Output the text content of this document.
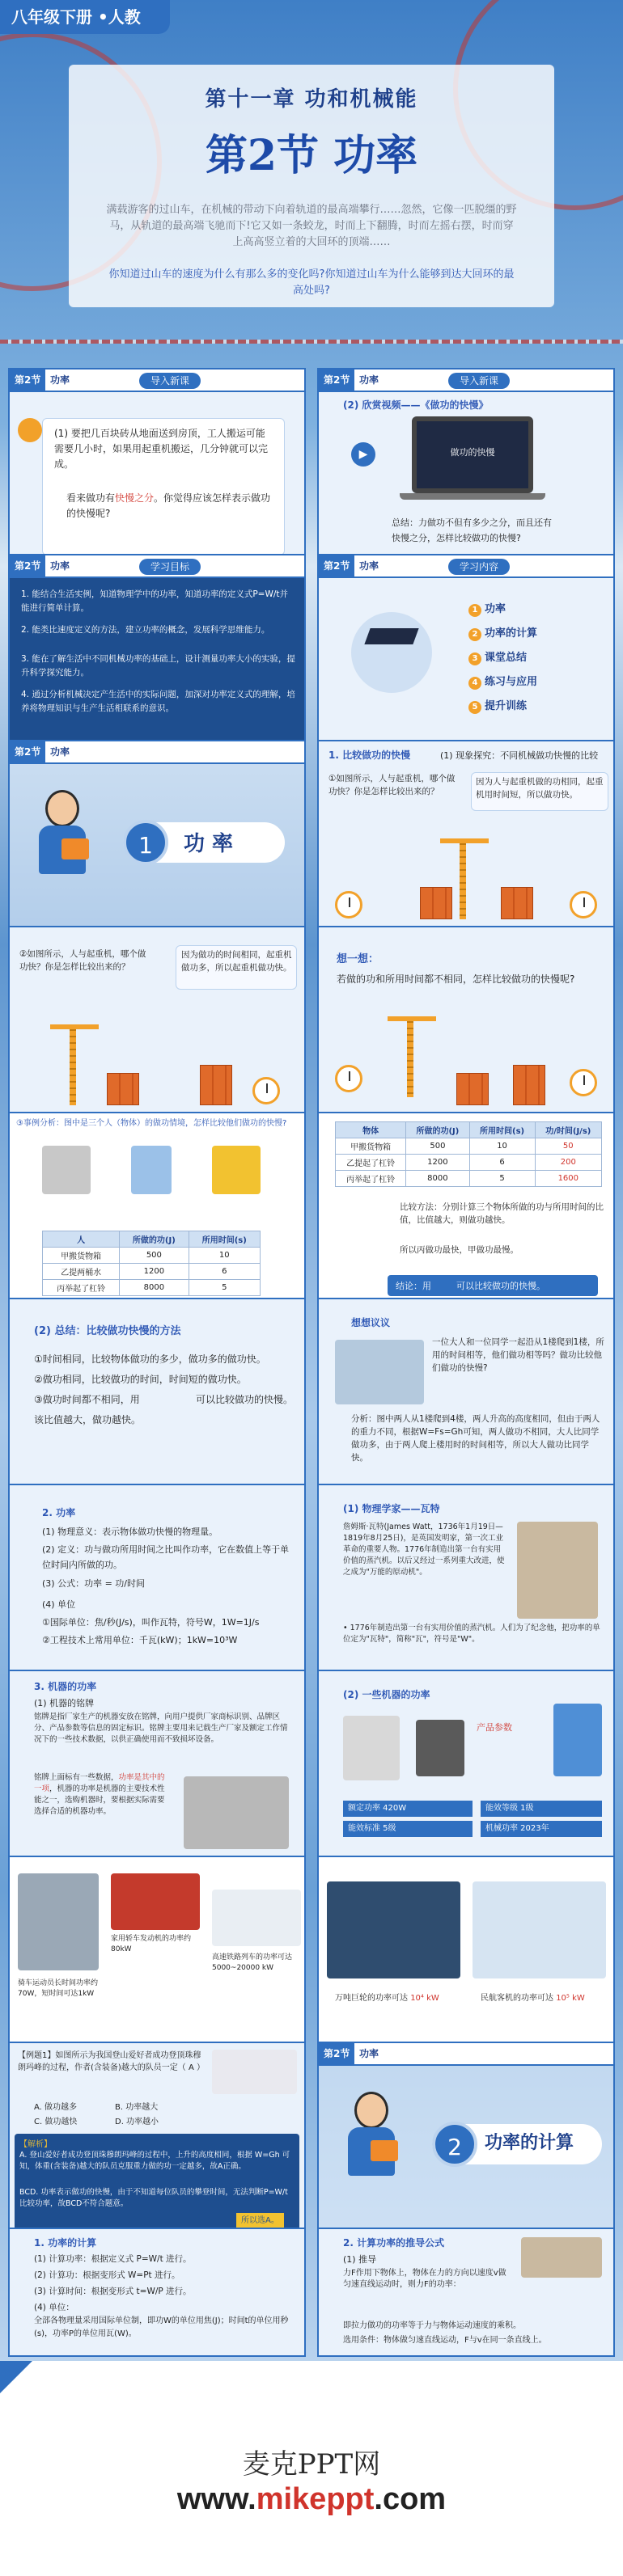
八年级下册 •人教
第十一章 功和机械能
第2节 功率
满载游客的过山车，在机械的带动下向着轨道的最高端攀行……忽然，它像一匹脱缰的野马，从轨道的最高端飞驰而下!它又如一条蛟龙，时而上下翻腾，时而左摇右摆，时而穿上高高竖立着的大回环的顶端……
你知道过山车的速度为什么有那么多的变化吗?你知道过山车为什么能够到达大回环的最高处吗?
第2节 功率	导入新课
(1) 要把几百块砖从地面送到房顶，工人搬运可能需要几小时，如果用起重机搬运，几分钟就可以完成。
看来做功有快慢之分。你觉得应该怎样表示做功的快慢呢?
第2节 功率	导入新课
(2) 欣赏视频——《做功的快慢》
做功的快慢
▶
总结：力做功不但有多少之分，而且还有快慢之分，怎样比较做功的快慢?
第2节 功率	学习目标
1. 能结合生活实例，知道物理学中的功率，知道功率的定义式P=W/t并能进行简单计算。
2. 能类比速度定义的方法，建立功率的概念，发展科学思维能力。
3. 能在了解生活中不同机械功率的基础上，设计测量功率大小的实验，提升科学探究能力。
4. 通过分析机械决定产生活中的实际问题，加深对功率定义式的理解，培养将物理知识与生产生活相联系的意识。
第2节 功率	学习内容
1 功率
2 功率的计算
3 课堂总结
4 练习与应用
5 提升训练
第2节 功率
1	功 率
1. 比较做功的快慢	(1) 现象探究：不同机械做功快慢的比较
①如图所示，人与起重机，哪个做功快？你是怎样比较出来的？
因为人与起重机做的功相同，起重机用时间短，所以做功快。
②如图所示，人与起重机，哪个做功快？你是怎样比较出来的？
因为做功的时间相同，起重机做功多，所以起重机做功快。
想一想：
若做的功和所用时间都不相同，怎样比较做功的快慢呢?
③事例分析：图中是三个人（物体）的做功情境，怎样比较他们做功的快慢?
人	所做的功(J)	所用时间(s)
甲搬货物箱	500	10
乙提两桶水	1200	6
丙举起了杠铃	8000	5
物体	所做的功(J)	所用时间(s)	功/时间(J/s)
甲搬货物箱	500	10	50
乙提起了杠铃	1200	6	200
丙举起了杠铃	8000	5	1600
比较方法：分别计算三个物体所做的功与所用时间的比值，比值越大，则做功越快。
所以丙做功最快，甲做功最慢。
结论：用	可以比较做功的快慢。
(2) 总结：比较做功快慢的方法
①时间相同，比较物体做功的多少，做功多的做功快。
②做功相同，比较做功的时间，时间短的做功快。
③做功时间都不相同，用	可以比较做功的快慢。
该比值越大，做功越快。
想想议议
一位大人和一位同学一起沿从1楼爬到1楼，所用的时间相等，他们做功相等吗？做功比较他们做功的快慢?
分析：图中两人从1楼爬到4楼，两人升高的高度相同，但由于两人的重力不同，根据W=Fs=Gh可知，两人做功不相同，大人比同学做功多，由于两人爬上楼用时的时间相等，所以大人做功比同学快。
2. 功率
(1) 物理意义：表示物体做功快慢的物理量。
(2) 定义：功与做功所用时间之比叫作功率，它在数值上等于单位时间内所做的功。
(3) 公式：功率 = 功/时间
(4) 单位
①国际单位：焦/秒(J/s)，叫作瓦特，符号W，1W=1J/s
②工程技术上常用单位：千瓦(kW)；1kW=10³W
(1) 物理学家——瓦特
詹姆斯·瓦特(James Watt，1736年1月19日—1819年8月25日)，是英国发明家，第一次工业革命的重要人物。1776年制造出第一台有实用价值的蒸汽机。以后又经过一系列重大改进，使之成为"万能的原动机"。
• 1776年制造出第一台有实用价值的蒸汽机。人们为了纪念他，把功率的单位定为"瓦特"，简称"瓦"，符号是"W"。
3. 机器的功率
(1) 机器的铭牌
铭牌是指厂家生产的机器安放在铭牌，向用户提供厂家商标识别、品牌区分、产品参数等信息的固定标识。铭牌主要用来记载生产厂家及额定工作情况下的一些技术数据，以供正确使用而不致损坏设备。
铭牌上面标有一些数据，功率是其中的一项，机器的功率是机器的主要技术性能之一，选购机器时，要根据实际需要选择合适的机器功率。
(2) 一些机器的功率
产品参数
额定功率 420W
能效标准 5级
能效等级 1级
机械功率 2023年
骑车运动员长时间功率约70W，短时间可达1kW
家用轿车发动机的功率约80kW
高速铁路列车的功率可达5000~20000 kW
万吨巨轮的功率可达 10⁴ kW	民航客机的功率可达 10⁵ kW
【例题1】如图所示为我国登山爱好者成功登顶珠穆朗玛峰的过程，作者(含装备)越大的队员一定（ A ）
A. 做功越多	B. 功率越大
C. 做功越快	D. 功率越小
【解析】
A. 登山爱好者成功登顶珠穆朗玛峰的过程中，上升的高度相同，根据 W=Gh 可知，体重(含装备)越大的队员克服重力做的功一定越多，故A正确。
BCD. 功率表示做功的快慢，由于不知道每位队员的攀登时间，无法判断P=W/t比较功率，故BCD不符合题意。
所以选A。
第2节 功率
2	功率的计算
1. 功率的计算
(1) 计算功率：根据定义式 P=W/t 进行。
(2) 计算功：根据变形式 W=Pt 进行。
(3) 计算时间：根据变形式 t=W/P 进行。
(4) 单位：
全部各物理量采用国际单位制，即功W的单位用焦(J)；时间t的单位用秒(s)，功率P的单位用瓦(W)。
2. 计算功率的推导公式
(1) 推导
力F作用下物体上，物体在力的方向以速度v做匀速直线运动时，则力F的功率：
即拉力做功的功率等于力与物体运动速度的乘积。
选用条件：物体做匀速直线运动，F与v在同一条直线上。
麦克PPT网
www.mikeppt.com
